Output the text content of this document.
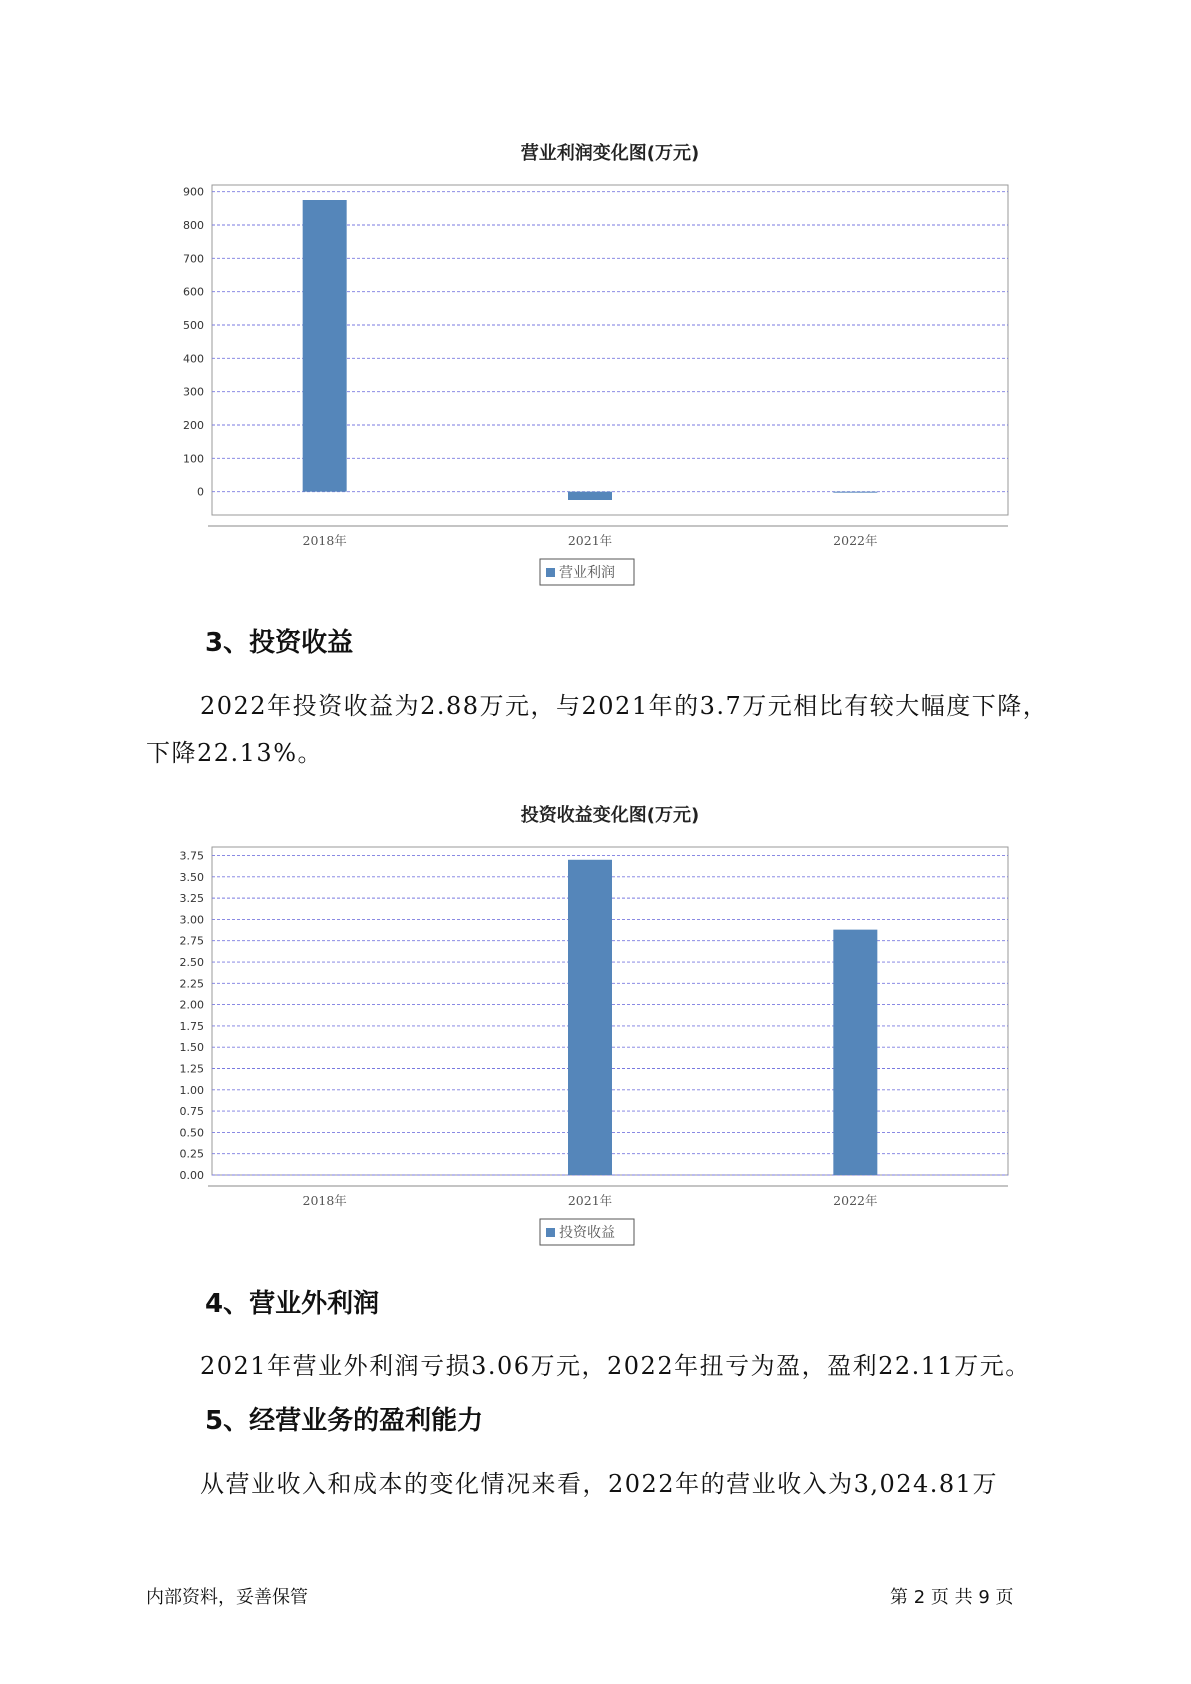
营业利润变化图(万元)
0
100
200
300
400
500
600
700
800
900
2018年	2021年	2022年
营业利润
3、投资收益

2022年投资收益为2.88万元，与2021年的3.7万元相比有较大幅度下降，

下降22.13%。

投资收益变化图(万元)
0.00
0.25
0.50
0.75
1.00
1.25
1.50
1.75
2.00
2.25
2.50
2.75
3.00
3.25
3.50
3.75
2018年	2021年	2022年
投资收益
4、营业外利润

2021年营业外利润亏损3.06万元，2022年扭亏为盈，盈利22.11万元。

5、经营业务的盈利能力

从营业收入和成本的变化情况来看，2022年的营业收入为3,024.81万

内部资料，妥善保管	第 2 页 共 9 页
